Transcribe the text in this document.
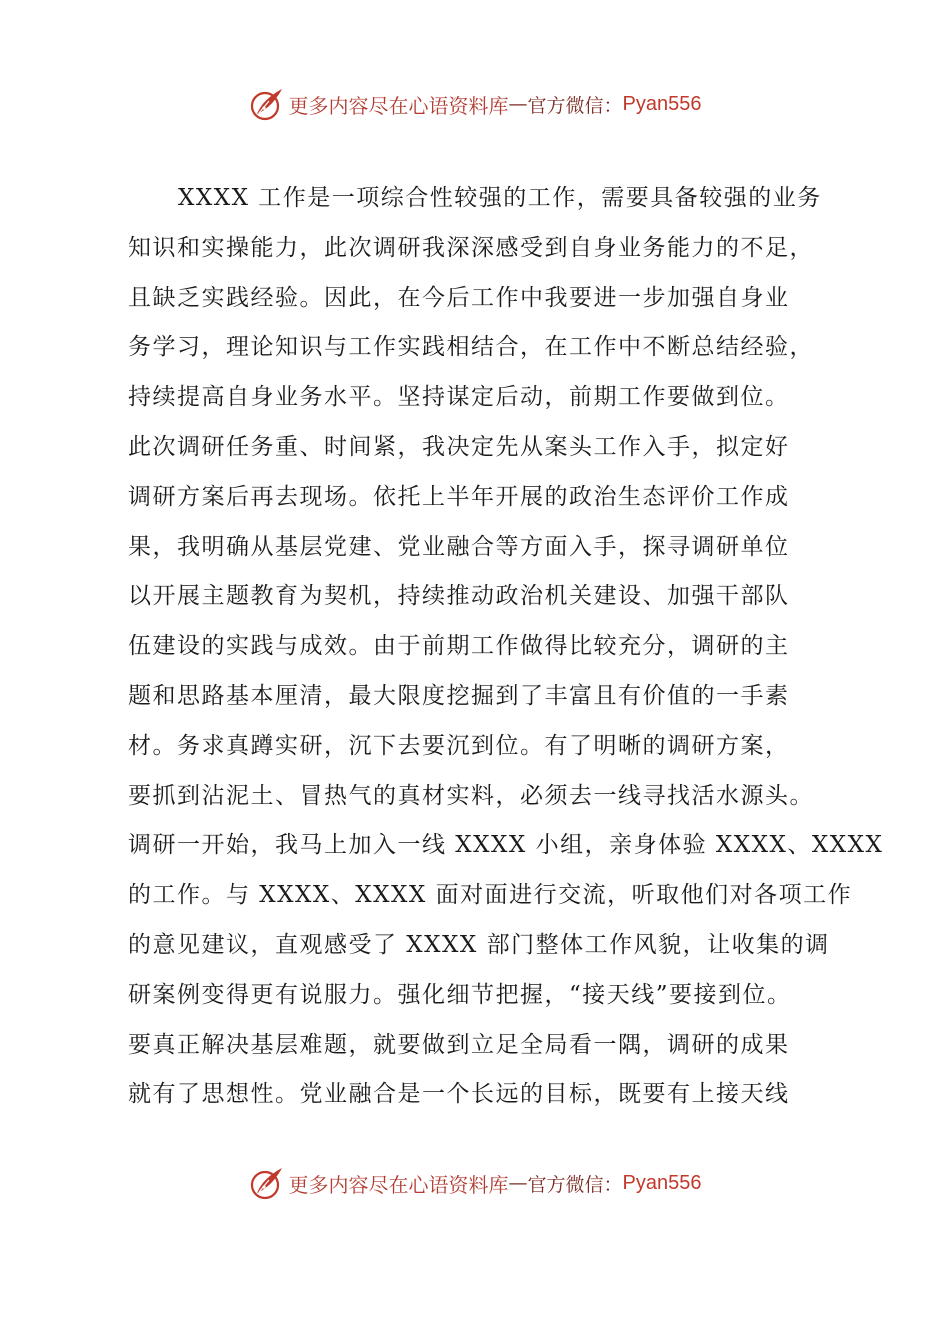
更多内容尽在心语资料库 — 官方微信： Pyan556
XXXX 工作是一项综合性较强的工作，需要具备较强的业务
知识和实操能力，此次调研我深深感受到自身业务能力的不足，
且缺乏实践经验。因此，在今后工作中我要进一步加强自身业
务学习，理论知识与工作实践相结合，在工作中不断总结经验，
持续提高自身业务水平。坚持谋定后动，前期工作要做到位。
此次调研任务重、时间紧，我决定先从案头工作入手，拟定好
调研方案后再去现场。依托上半年开展的政治生态评价工作成
果，我明确从基层党建、党业融合等方面入手，探寻调研单位
以开展主题教育为契机，持续推动政治机关建设、加强干部队
伍建设的实践与成效。由于前期工作做得比较充分，调研的主
题和思路基本厘清，最大限度挖掘到了丰富且有价值的一手素
材。务求真蹲实研，沉下去要沉到位。有了明晰的调研方案，
要抓到沾泥土、冒热气的真材实料，必须去一线寻找活水源头。
调研一开始，我马上加入一线 XXXX 小组，亲身体验 XXXX、XXXX
的工作。与 XXXX、XXXX 面对面进行交流，听取他们对各项工作
的意见建议，直观感受了 XXXX 部门整体工作风貌，让收集的调
研案例变得更有说服力。强化细节把握，“接天线”要接到位。
要真正解决基层难题，就要做到立足全局看一隅，调研的成果
就有了思想性。党业融合是一个长远的目标，既要有上接天线
更多内容尽在心语资料库 — 官方微信： Pyan556
